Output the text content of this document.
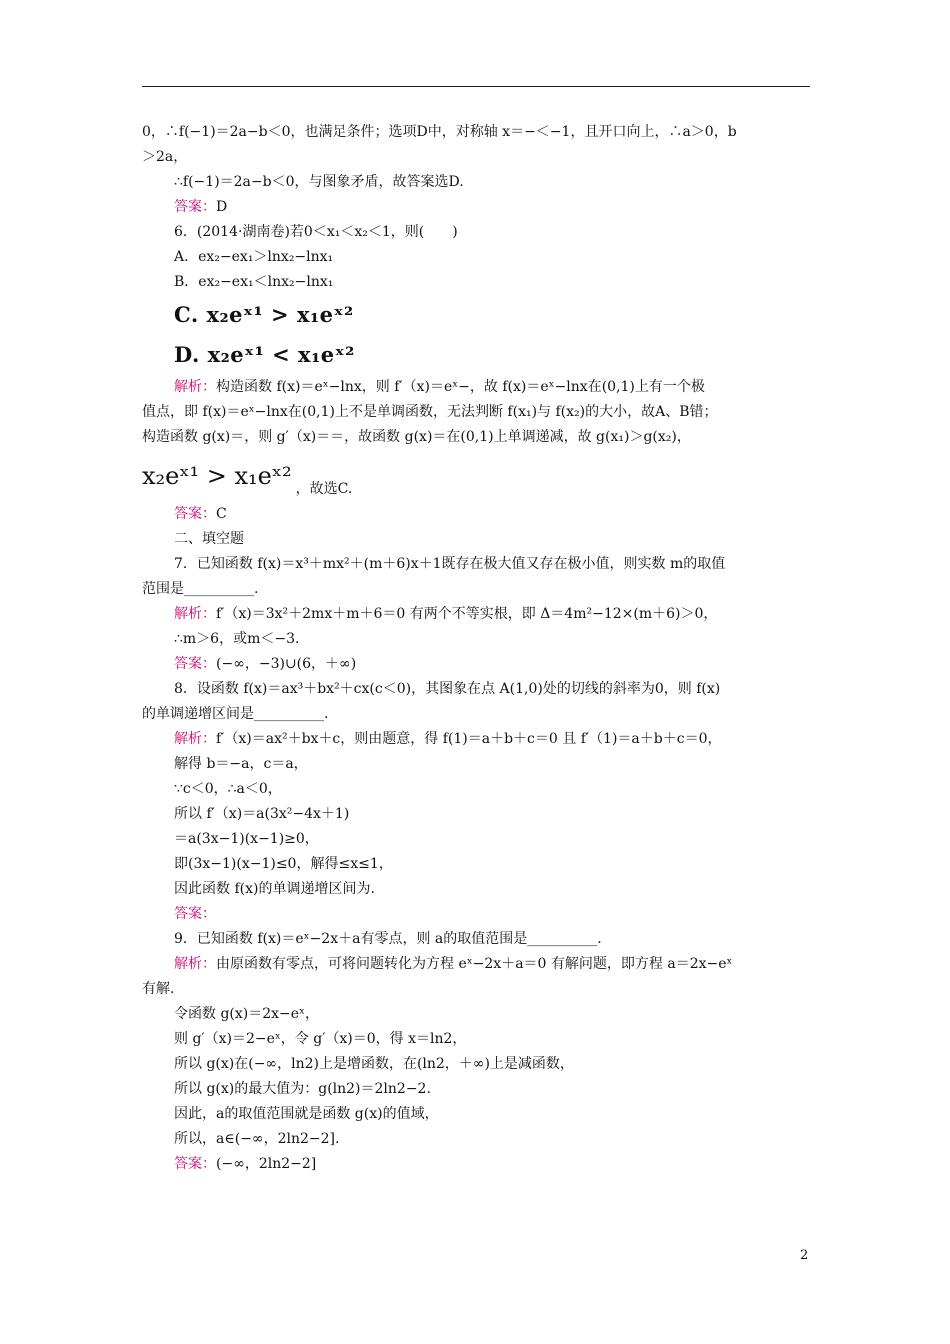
0，∴f(−1)＝2a−b＜0，也满足条件；选项D中，对称轴 x＝−＜−1，且开口向上，∴a＞0，b
＞2a，
∴f(−1)＝2a−b＜0，与图象矛盾，故答案选D.
答案：D
6．(2014·湖南卷)若0＜x₁＜x₂＜1，则(　　)
A．ex₂−ex₁＞lnx₂−lnx₁
B．ex₂−ex₁＜lnx₂−lnx₁
C. x₂eˣ¹ > x₁eˣ²
D. x₂eˣ¹ < x₁eˣ²
解析：构造函数 f(x)＝eˣ−lnx，则 f′（x)＝eˣ−，故 f(x)＝eˣ−lnx在(0,1)上有一个极
值点，即 f(x)＝eˣ−lnx在(0,1)上不是单调函数，无法判断 f(x₁)与 f(x₂)的大小，故A、B错；
构造函数 g(x)＝，则 g′（x)＝＝，故函数 g(x)＝在(0,1)上单调递减，故 g(x₁)＞g(x₂)，
x₂eˣ¹ > x₁eˣ² ，故选C.
答案：C
二、填空题
7．已知函数 f(x)＝x³＋mx²＋(m＋6)x＋1既存在极大值又存在极小值，则实数 m的取值
范围是__________.
解析：f′（x)＝3x²＋2mx＋m＋6＝0 有两个不等实根，即 Δ＝4m²−12×(m＋6)＞0，
∴m＞6，或m＜−3.
答案：(−∞，−3)∪(6，＋∞)
8．设函数 f(x)＝ax³＋bx²＋cx(c＜0)，其图象在点 A(1,0)处的切线的斜率为0，则 f(x)
的单调递增区间是__________.
解析：f′（x)＝ax²＋bx＋c，则由题意，得 f(1)＝a＋b＋c＝0 且 f′（1)＝a＋b＋c＝0，
解得 b＝−a，c＝a，
∵c＜0，∴a＜0，
所以 f′（x)＝a(3x²−4x＋1)
＝a(3x−1)(x−1)≥0，
即(3x−1)(x−1)≤0，解得≤x≤1，
因此函数 f(x)的单调递增区间为.
答案：
9．已知函数 f(x)＝eˣ−2x＋a有零点，则 a的取值范围是__________.
解析：由原函数有零点，可将问题转化为方程 eˣ−2x＋a＝0 有解问题，即方程 a＝2x−eˣ
有解.
令函数 g(x)＝2x−eˣ，
则 g′（x)＝2−eˣ，令 g′（x)＝0，得 x＝ln2，
所以 g(x)在(−∞，ln2)上是增函数，在(ln2，＋∞)上是减函数，
所以 g(x)的最大值为：g(ln2)＝2ln2−2.
因此，a的取值范围就是函数 g(x)的值域，
所以，a∈(−∞，2ln2−2].
答案：(−∞，2ln2−2]
2
